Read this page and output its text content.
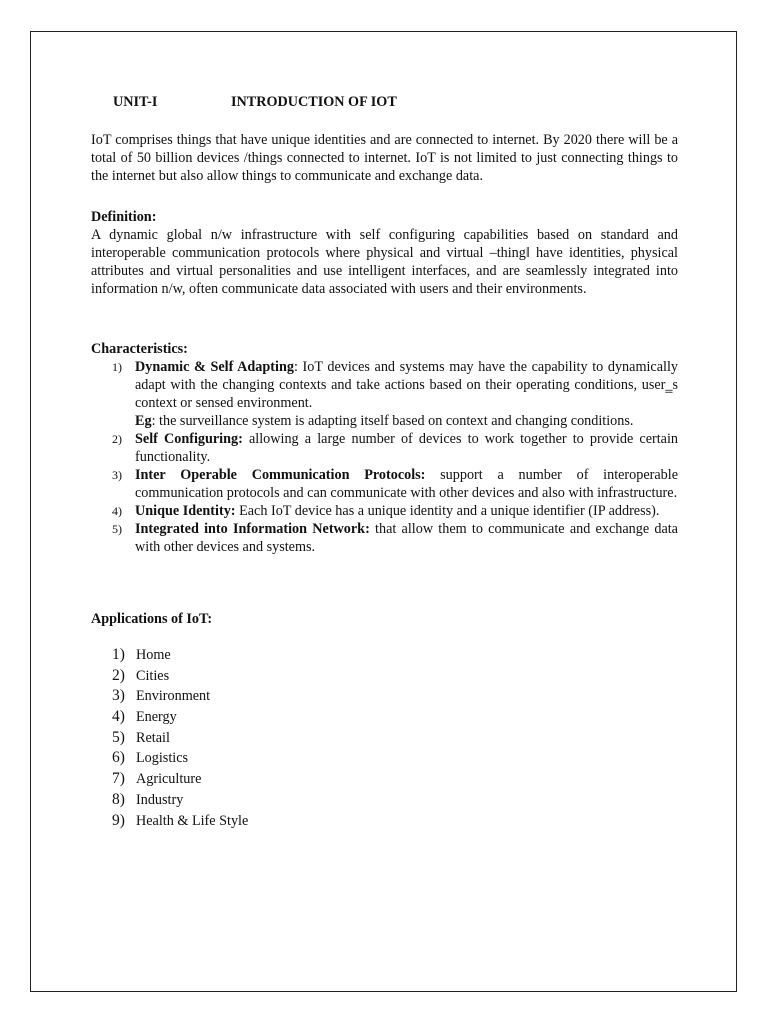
UNIT-I	INTRODUCTION OF IOT
IoT comprises things that have unique identities and are connected to internet. By 2020 there will be a total of 50 billion devices /things connected to internet. IoT is not limited to just connecting things to the internet but also allow things to communicate and exchange data.
Definition:
A dynamic global n/w infrastructure with self configuring capabilities based on standard and interoperable communication protocols where physical and virtual –thing‖ have identities, physical attributes and virtual personalities and use intelligent interfaces, and are seamlessly integrated into information n/w, often communicate data associated with users and their environments.
Characteristics:
1) Dynamic & Self Adapting: IoT devices and systems may have the capability to dynamically adapt with the changing contexts and take actions based on their operating conditions, user‗s context or sensed environment.
Eg: the surveillance system is adapting itself based on context and changing conditions.
2) Self Configuring: allowing a large number of devices to work together to provide certain functionality.
3) Inter Operable Communication Protocols: support a number of interoperable communication protocols and can communicate with other devices and also with infrastructure.
4) Unique Identity: Each IoT device has a unique identity and a unique identifier (IP address).
5) Integrated into Information Network: that allow them to communicate and exchange data with other devices and systems.
Applications of IoT:
1) Home
2) Cities
3) Environment
4) Energy
5) Retail
6) Logistics
7) Agriculture
8) Industry
9) Health & Life Style
